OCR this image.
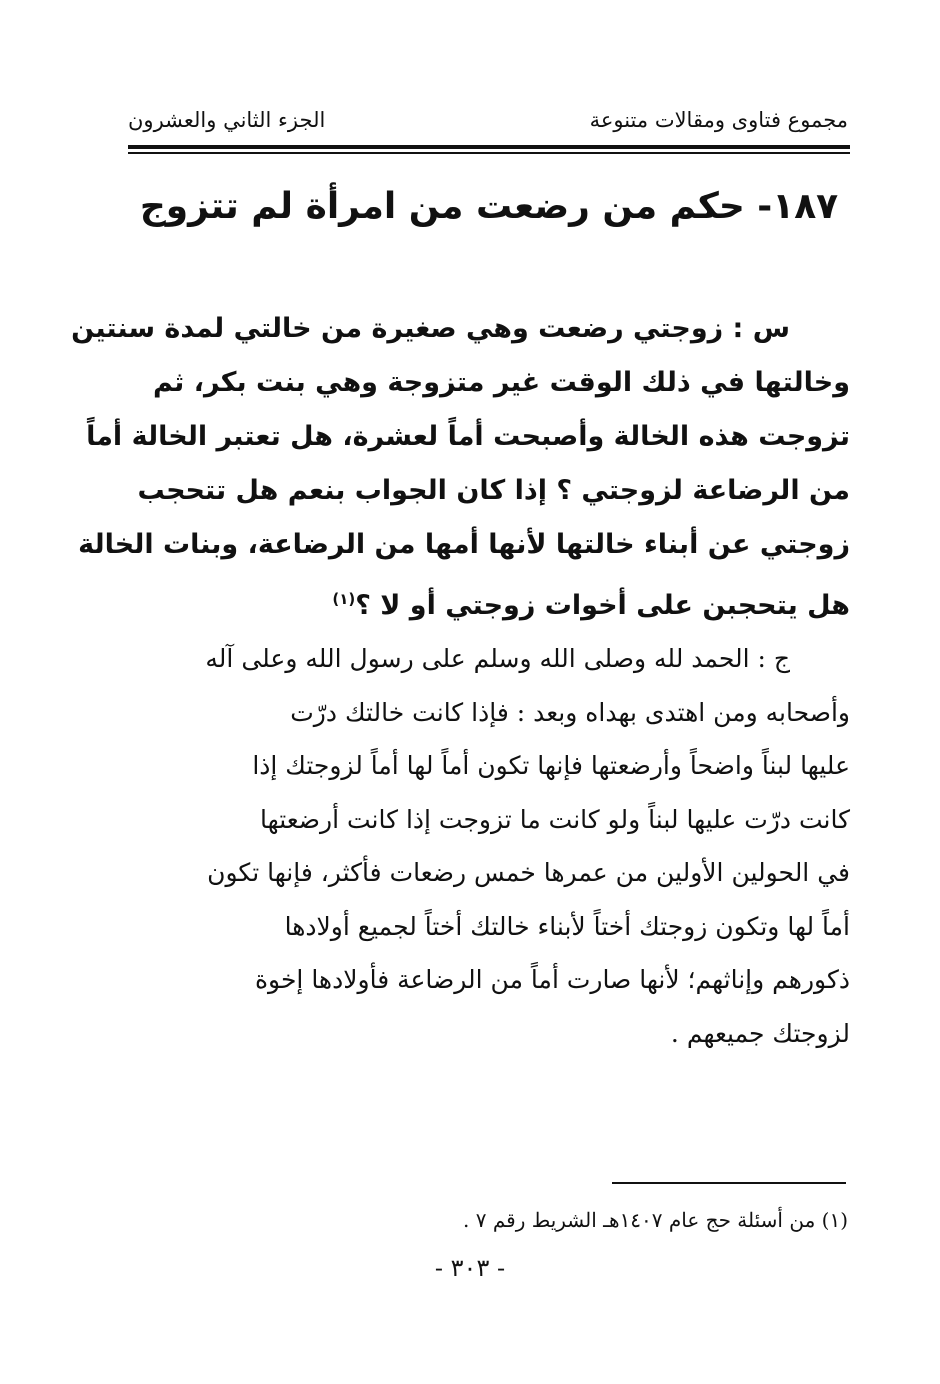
مجموع فتاوى ومقالات متنوعة
الجزء الثاني والعشرون
١٨٧- حكم من رضعت من امرأة لم تتزوج
س : زوجتي رضعت وهي صغيرة من خالتي لمدة سنتين
وخالتها في ذلك الوقت غير متزوجة وهي بنت بكر، ثم
تزوجت هذه الخالة وأصبحت أماً لعشرة، هل تعتبر الخالة أماً
من الرضاعة لزوجتي ؟ إذا كان الجواب بنعم هل تتحجب
زوجتي عن أبناء خالتها لأنها أمها من الرضاعة، وبنات الخالة
هل يتحجبن على أخوات زوجتي أو لا ؟$^{(١)}$
ج : الحمد لله وصلى الله وسلم على رسول الله وعلى آله
وأصحابه ومن اهتدى بهداه وبعد : فإذا كانت خالتك درّت
عليها لبناً واضحاً وأرضعتها فإنها تكون أماً لها أماً لزوجتك إذا
كانت درّت عليها لبناً ولو كانت ما تزوجت إذا كانت أرضعتها
في الحولين الأولين من عمرها خمس رضعات فأكثر، فإنها تكون
أماً لها وتكون زوجتك أختاً لأبناء خالتك أختاً لجميع أولادها
ذكورهم وإناثهم؛ لأنها صارت أماً من الرضاعة فأولادها إخوة
لزوجتك جميعهم .
(١) من أسئلة حج عام ١٤٠٧هـ الشريط رقم ٧ .
- ٣٠٣ -
